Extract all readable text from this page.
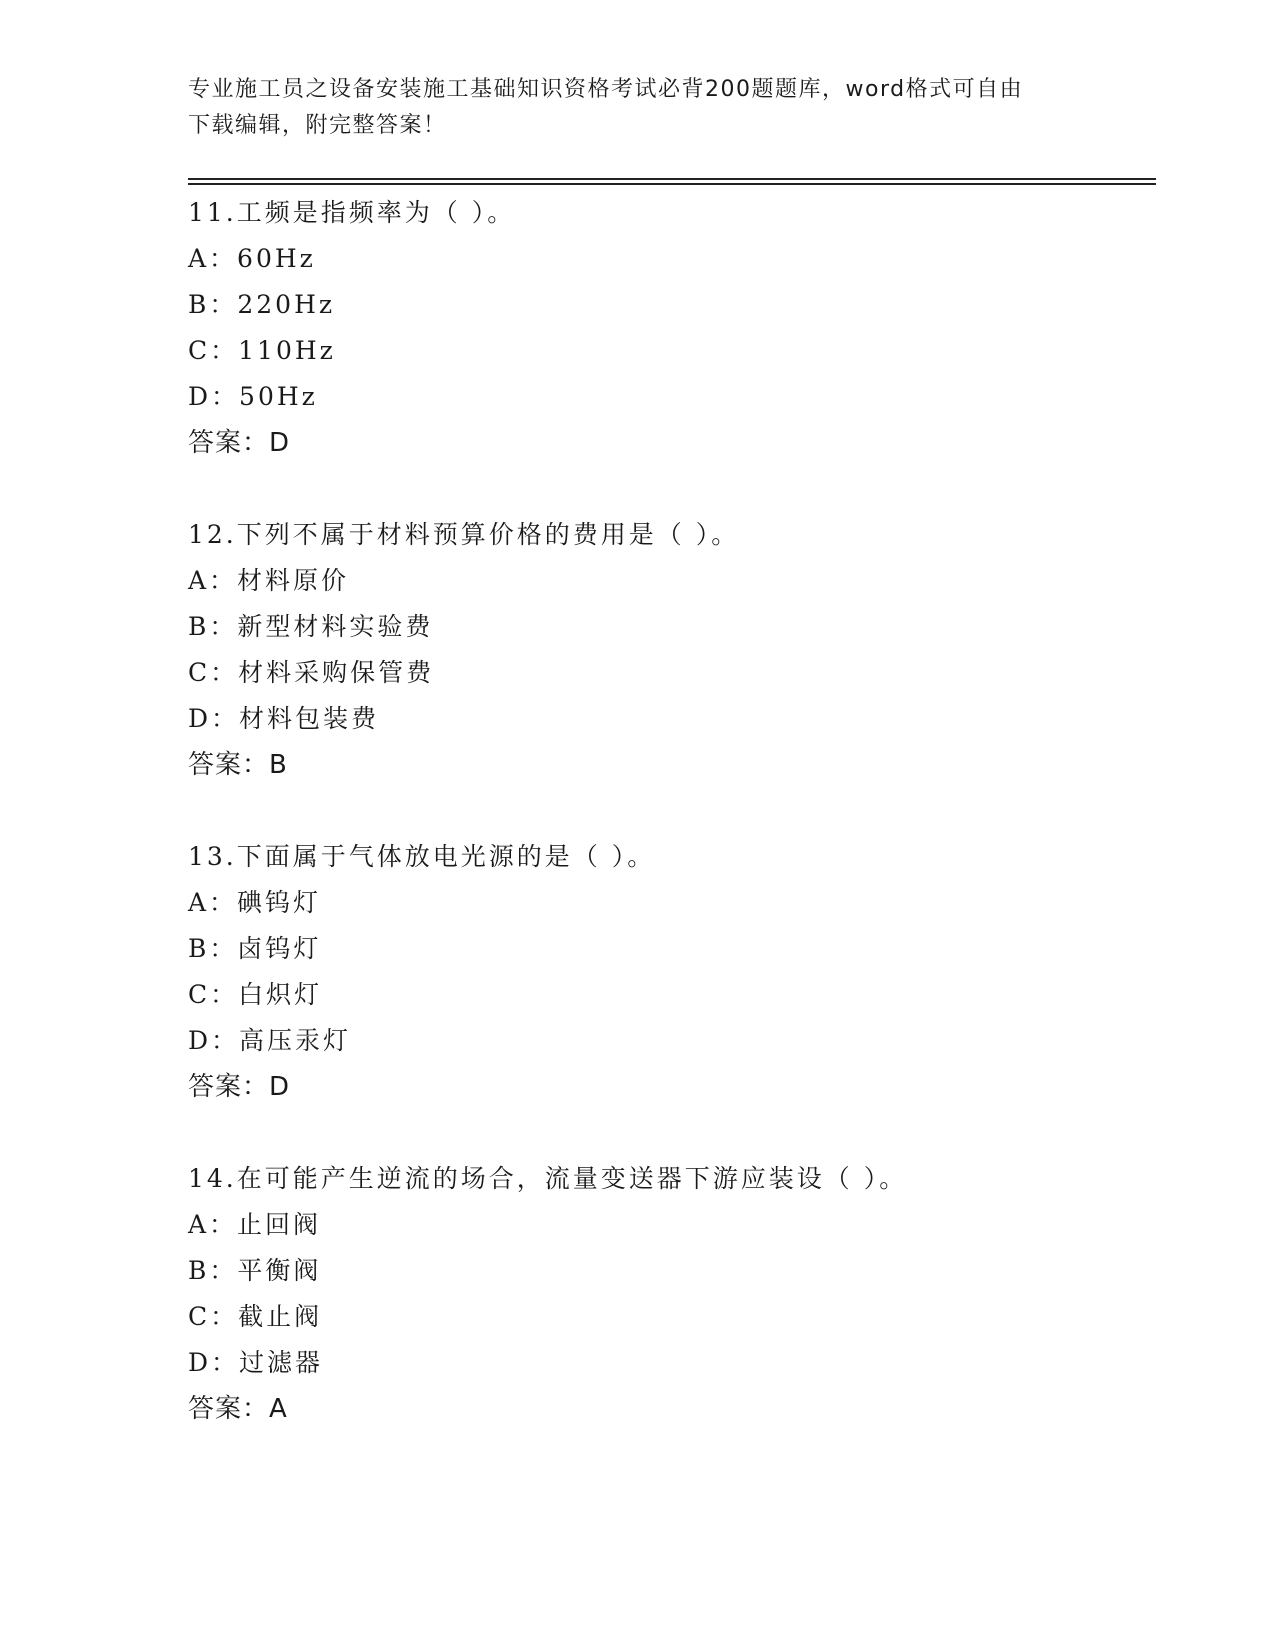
专业施工员之设备安装施工基础知识资格考试必背200题题库，word格式可自由
下载编辑，附完整答案！
11.工频是指频率为（ ）。
A：60Hz
B：220Hz
C：110Hz
D：50Hz
答案：D
12.下列不属于材料预算价格的费用是（ ）。
A：材料原价
B：新型材料实验费
C：材料采购保管费
D：材料包装费
答案：B
13.下面属于气体放电光源的是（ ）。
A：碘钨灯
B：卤钨灯
C：白炽灯
D：高压汞灯
答案：D
14.在可能产生逆流的场合，流量变送器下游应装设（ ）。
A：止回阀
B：平衡阀
C：截止阀
D：过滤器
答案：A
